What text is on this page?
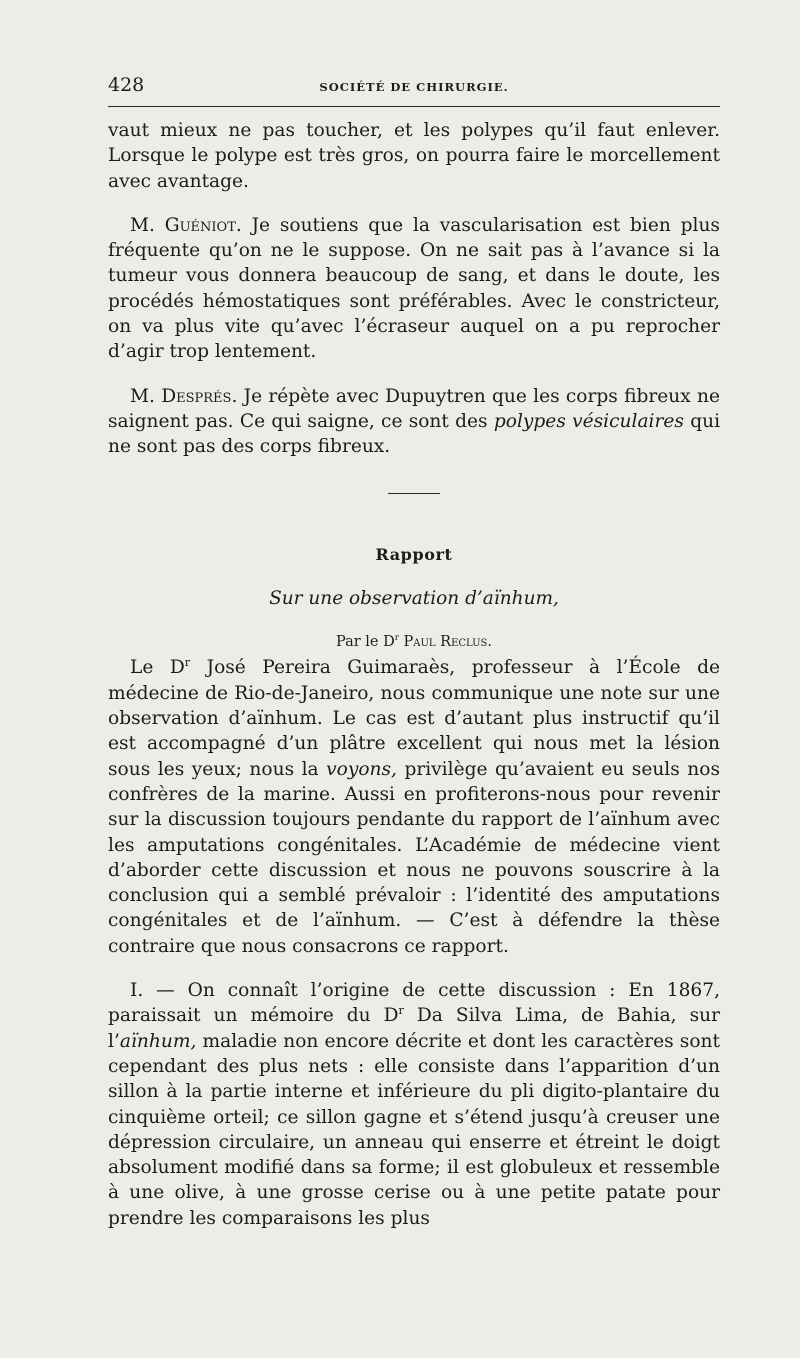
428	SOCIÉTÉ DE CHIRURGIE.

vaut mieux ne pas toucher, et les polypes qu’il faut enlever. Lorsque le polype est très gros, on pourra faire le morcellement avec avantage.

M. Guéniot. Je soutiens que la vascularisation est bien plus fréquente qu’on ne le suppose. On ne sait pas à l’avance si la tumeur vous donnera beaucoup de sang, et dans le doute, les procédés hémostatiques sont préférables. Avec le constricteur, on va plus vite qu’avec l’écraseur auquel on a pu reprocher d’agir trop lentement.

M. Després. Je répète avec Dupuytren que les corps fibreux ne saignent pas. Ce qui saigne, ce sont des polypes vésiculaires qui ne sont pas des corps fibreux.

Rapport

Sur une observation d’aïnhum,

Par le $D^r$ Paul Reclus.

Le $D^r$ José Pereira Guimaraès, professeur à l’École de médecine de Rio-de-Janeiro, nous communique une note sur une observation d’aïnhum. Le cas est d’autant plus instructif qu’il est accompagné d’un plâtre excellent qui nous met la lésion sous les yeux; nous la voyons, privilège qu’avaient eu seuls nos confrères de la marine. Aussi en profiterons-nous pour revenir sur la discussion toujours pendante du rapport de l’aïnhum avec les amputations congénitales. L’Académie de médecine vient d’aborder cette discussion et nous ne pouvons souscrire à la conclusion qui a semblé prévaloir : l’identité des amputations congénitales et de l’aïnhum. — C’est à défendre la thèse contraire que nous consacrons ce rapport.

I. — On connaît l’origine de cette discussion : En 1867, paraissait un mémoire du $D^r$ Da Silva Lima, de Bahia, sur l’aïnhum, maladie non encore décrite et dont les caractères sont cependant des plus nets : elle consiste dans l’apparition d’un sillon à la partie interne et inférieure du pli digito-plantaire du cinquième orteil; ce sillon gagne et s’étend jusqu’à creuser une dépression circulaire, un anneau qui enserre et étreint le doigt absolument modifié dans sa forme; il est globuleux et ressemble à une olive, à une grosse cerise ou à une petite patate pour prendre les comparaisons les plus
